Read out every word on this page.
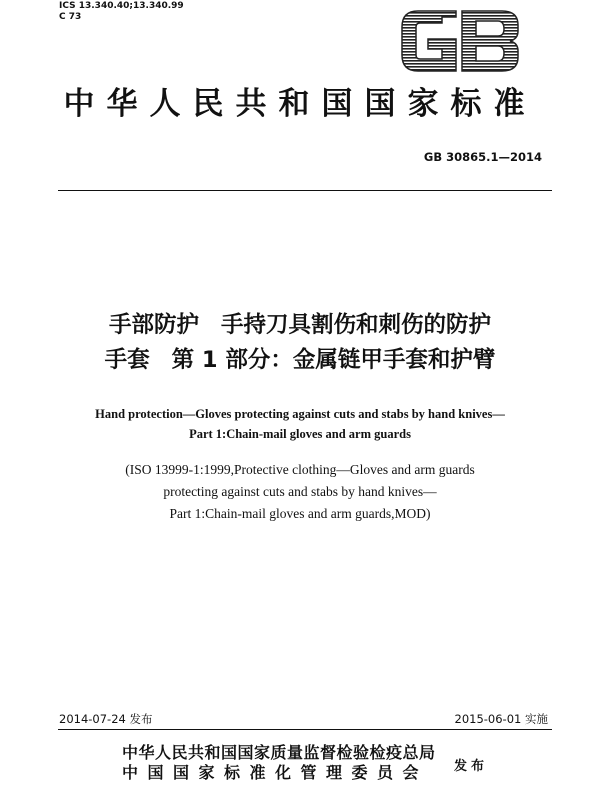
ICS 13.340.40;13.340.99
C 73
中华人民共和国国家标准
GB 30865.1—2014
手部防护 手持刀具割伤和刺伤的防护
手套 第 1 部分：金属链甲手套和护臂
Hand protection—Gloves protecting against cuts and stabs by hand knives—
Part 1:Chain-mail gloves and arm guards
(ISO 13999-1:1999,Protective clothing—Gloves and arm guards
protecting against cuts and stabs by hand knives—
Part 1:Chain-mail gloves and arm guards,MOD)
2014-07-24 发布	2015-06-01 实施
中华人民共和国国家质量监督检验检疫总局
中国国家标准化管理委员会 发布
